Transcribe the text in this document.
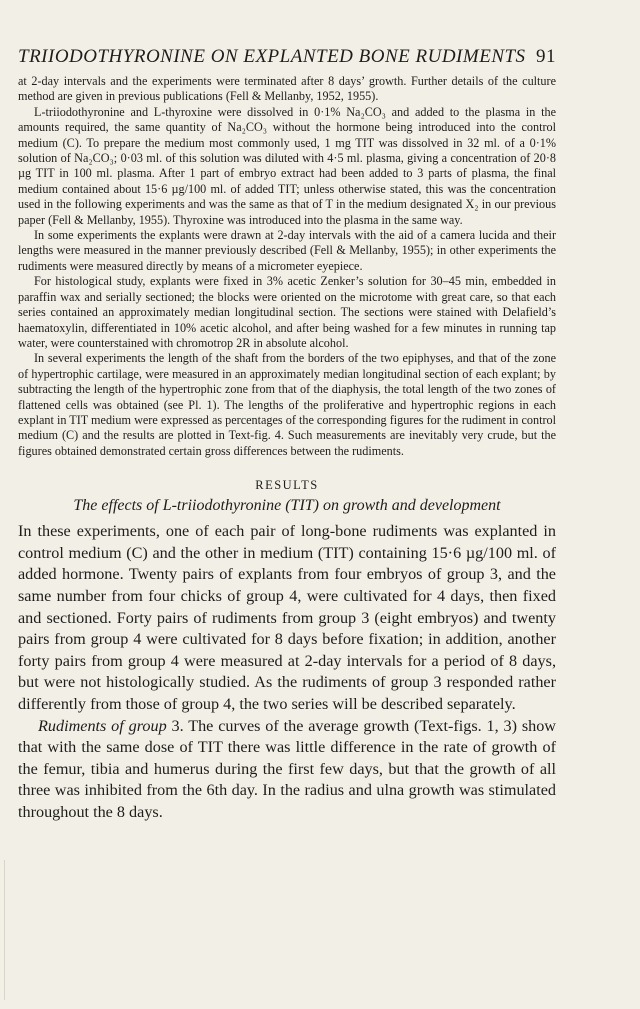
TRIIODOTHYRONINE ON EXPLANTED BONE RUDIMENTS 91

at 2-day intervals and the experiments were terminated after 8 days’ growth. Further details of the culture method are given in previous publications (Fell & Mellanby, 1952, 1955).

L-triiodothyronine and L-thyroxine were dissolved in 0·1% Na₂CO₃ and added to the plasma in the amounts required, the same quantity of Na₂CO₃ without the hormone being introduced into the control medium (C). To prepare the medium most commonly used, 1 mg TIT was dissolved in 32 ml. of a 0·1% solution of Na₂CO₃; 0·03 ml. of this solution was diluted with 4·5 ml. plasma, giving a concentration of 20·8 µg TIT in 100 ml. plasma. After 1 part of embryo extract had been added to 3 parts of plasma, the final medium contained about 15·6 µg/100 ml. of added TIT; unless otherwise stated, this was the concentration used in the following experiments and was the same as that of T in the medium designated X₂ in our previous paper (Fell & Mellanby, 1955). Thyroxine was introduced into the plasma in the same way.

In some experiments the explants were drawn at 2-day intervals with the aid of a camera lucida and their lengths were measured in the manner previously described (Fell & Mellanby, 1955); in other experiments the rudiments were measured directly by means of a micrometer eyepiece.

For histological study, explants were fixed in 3% acetic Zenker’s solution for 30–45 min, embedded in paraffin wax and serially sectioned; the blocks were oriented on the microtome with great care, so that each series contained an approximately median longitudinal section. The sections were stained with Delafield’s haematoxylin, differentiated in 10% acetic alcohol, and after being washed for a few minutes in running tap water, were counterstained with chromotrop 2R in absolute alcohol.

In several experiments the length of the shaft from the borders of the two epiphyses, and that of the zone of hypertrophic cartilage, were measured in an approximately median longitudinal section of each explant; by subtracting the length of the hypertrophic zone from that of the diaphysis, the total length of the two zones of flattened cells was obtained (see Pl. 1). The lengths of the proliferative and hypertrophic regions in each explant in TIT medium were expressed as percentages of the corresponding figures for the rudiment in control medium (C) and the results are plotted in Text-fig. 4. Such measurements are inevitably very crude, but the figures obtained demonstrated certain gross differences between the rudiments.

RESULTS
The effects of L-triiodothyronine (TIT) on growth and development

In these experiments, one of each pair of long-bone rudiments was explanted in control medium (C) and the other in medium (TIT) containing 15·6 µg/100 ml. of added hormone. Twenty pairs of explants from four embryos of group 3, and the same number from four chicks of group 4, were cultivated for 4 days, then fixed and sectioned. Forty pairs of rudiments from group 3 (eight embryos) and twenty pairs from group 4 were cultivated for 8 days before fixation; in addition, another forty pairs from group 4 were measured at 2-day intervals for a period of 8 days, but were not histologically studied. As the rudiments of group 3 responded rather differently from those of group 4, the two series will be described separately.

Rudiments of group 3. The curves of the average growth (Text-figs. 1, 3) show that with the same dose of TIT there was little difference in the rate of growth of the femur, tibia and humerus during the first few days, but that the growth of all three was inhibited from the 6th day. In the radius and ulna growth was stimulated throughout the 8 days.
